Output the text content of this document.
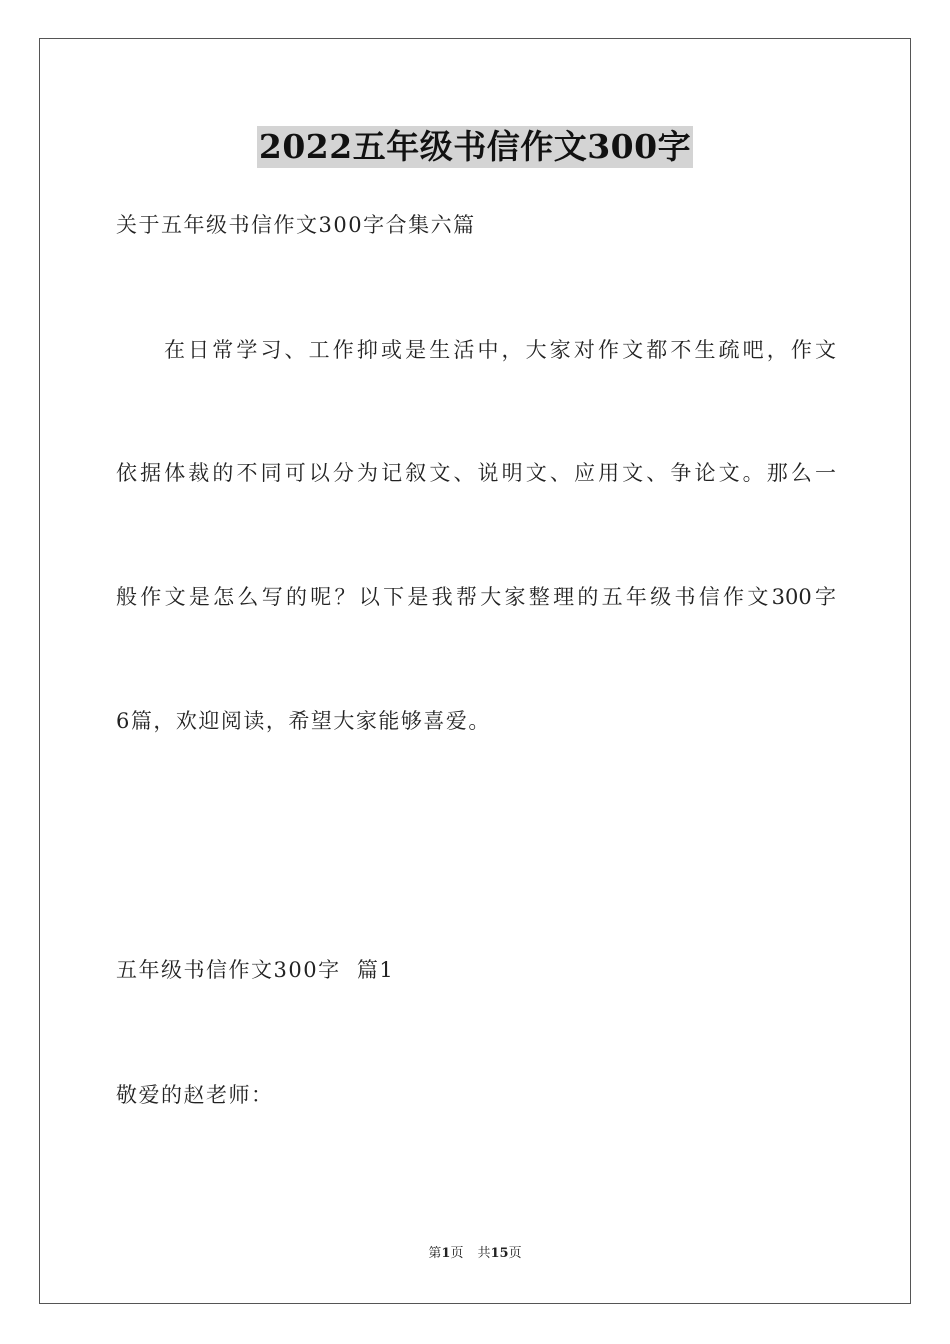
2022五年级书信作文300字
关于五年级书信作文300字合集六篇
在日常学习、工作抑或是生活中，大家对作文都不生疏吧，作文
依据体裁的不同可以分为记叙文、说明文、应用文、争论文。那么一
般作文是怎么写的呢？以下是我帮大家整理的五年级书信作文300字
6篇，欢迎阅读，希望大家能够喜爱。
五年级书信作文300字  篇1
敬爱的赵老师：
第1页 共15页
